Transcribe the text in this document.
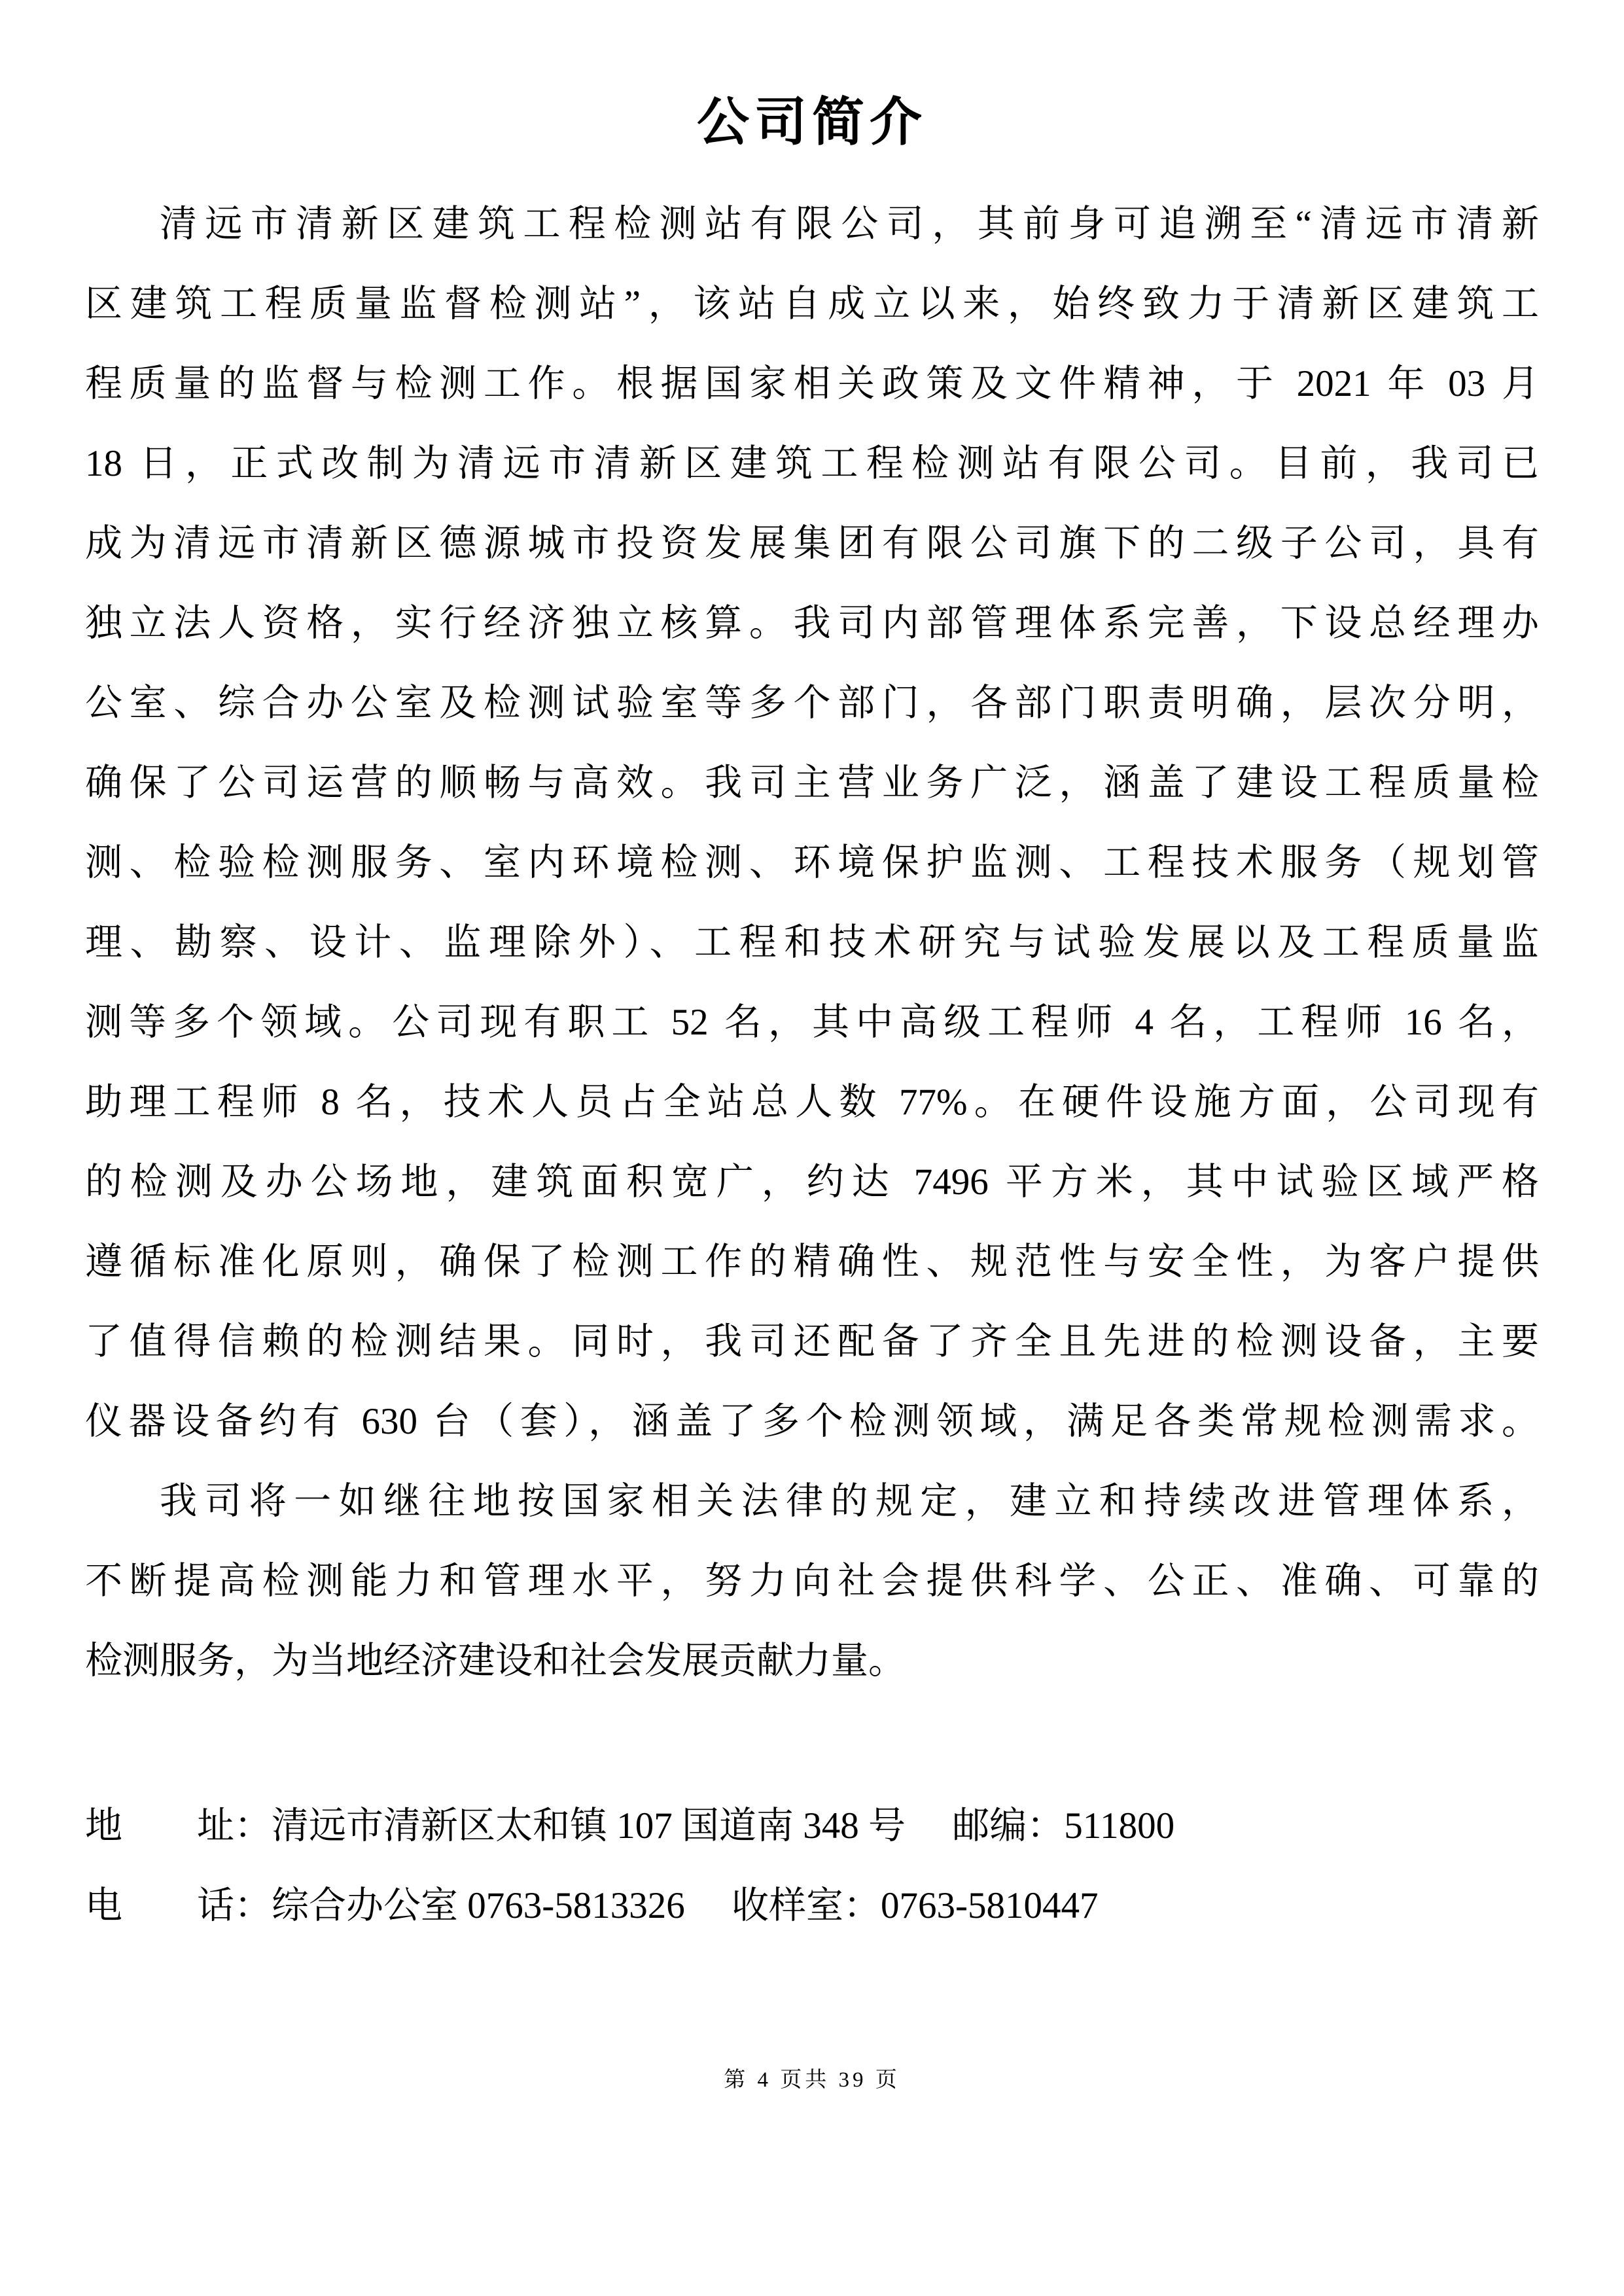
公司简介
清远市清新区建筑工程检测站有限公司，其前身可追溯至“清远市清新
区建筑工程质量监督检测站”，该站自成立以来，始终致力于清新区建筑工
程质量的监督与检测工作。根据国家相关政策及文件精神，于 2021 年 03 月
18 日，正式改制为清远市清新区建筑工程检测站有限公司。目前，我司已
成为清远市清新区德源城市投资发展集团有限公司旗下的二级子公司，具有
独立法人资格，实行经济独立核算。我司内部管理体系完善，下设总经理办
公室、综合办公室及检测试验室等多个部门，各部门职责明确，层次分明，
确保了公司运营的顺畅与高效。我司主营业务广泛，涵盖了建设工程质量检
测、检验检测服务、室内环境检测、环境保护监测、工程技术服务（规划管
理、勘察、设计、监理除外）、工程和技术研究与试验发展以及工程质量监
测等多个领域。公司现有职工 52 名，其中高级工程师 4 名，工程师 16 名，
助理工程师 8 名，技术人员占全站总人数 77%。在硬件设施方面，公司现有
的检测及办公场地，建筑面积宽广，约达 7496 平方米，其中试验区域严格
遵循标准化原则，确保了检测工作的精确性、规范性与安全性，为客户提供
了值得信赖的检测结果。同时，我司还配备了齐全且先进的检测设备，主要
仪器设备约有 630 台（套），涵盖了多个检测领域，满足各类常规检测需求。
我司将一如继往地按国家相关法律的规定，建立和持续改进管理体系，
不断提高检测能力和管理水平，努力向社会提供科学、公正、准确、可靠的
检测服务，为当地经济建设和社会发展贡献力量。
地　　址：清远市清新区太和镇 107 国道南 348 号　 邮编：511800
电　　话：综合办公室 0763-5813326　 收样室：0763-5810447
第 4 页共 39 页
